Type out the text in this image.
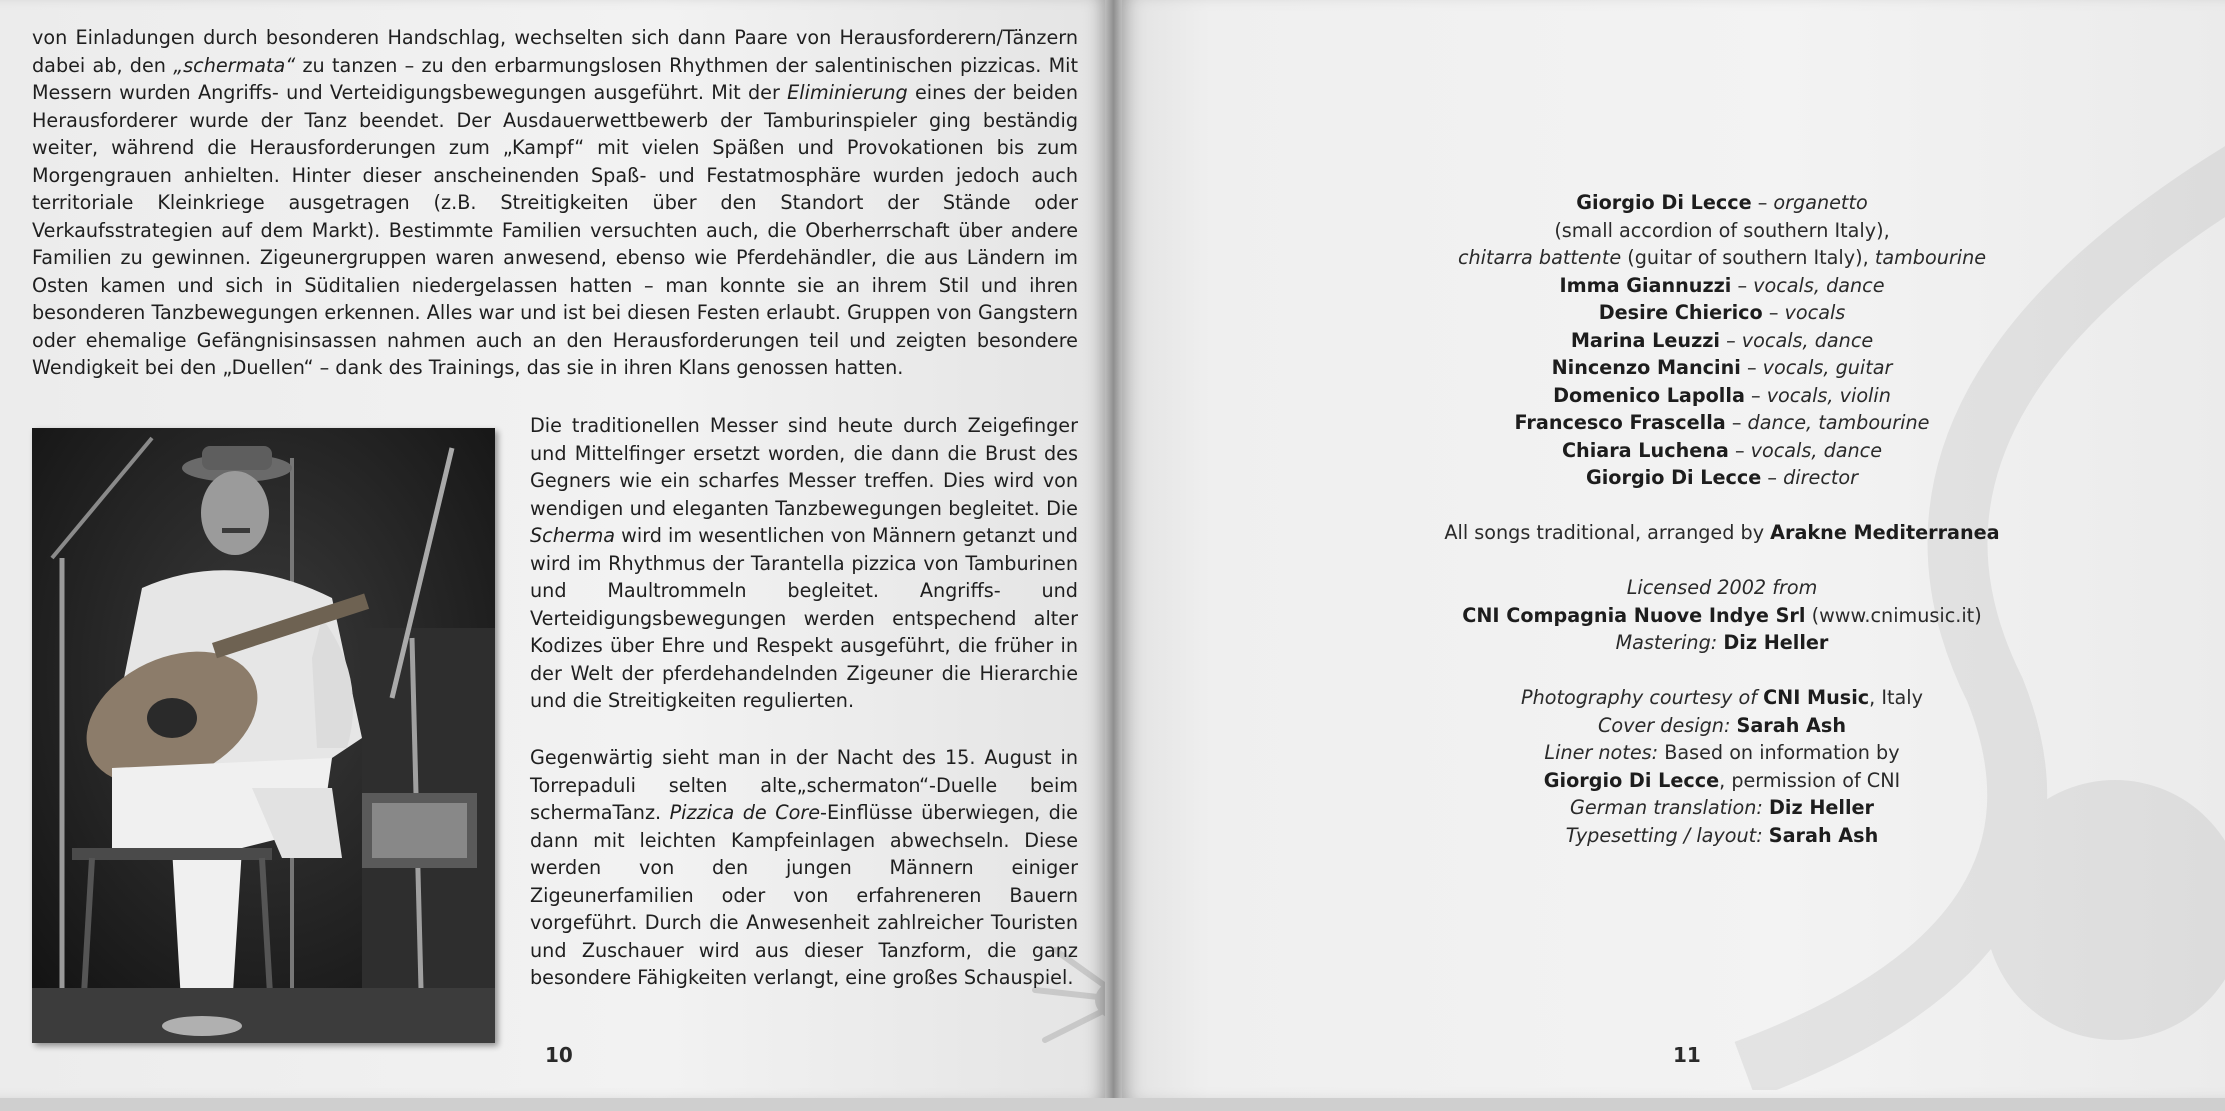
von Einladungen durch besonderen Handschlag, wechselten sich dann Paare von Herausforderern/Tänzern dabei ab, den „schermata“ zu tanzen – zu den erbarmungslosen Rhythmen der salentinischen pizzicas. Mit Messern wurden Angriffs- und Verteidigungsbewegungen ausgeführt. Mit der Eliminierung eines der beiden Herausforderer wurde der Tanz beendet. Der Ausdauerwettbewerb der Tamburinspieler ging beständig weiter, während die Herausforderungen zum „Kampf“ mit vielen Späßen und Provokationen bis zum Morgengrauen anhielten. Hinter dieser anscheinenden Spaß- und Festatmosphäre wurden jedoch auch territoriale Kleinkriege ausgetragen (z.B. Streitigkeiten über den Standort der Stände oder Verkaufsstrategien auf dem Markt). Bestimmte Familien versuchten auch, die Oberherrschaft über andere Familien zu gewinnen. Zigeunergruppen waren anwesend, ebenso wie Pferdehändler, die aus Ländern im Osten kamen und sich in Süditalien niedergelassen hatten – man konnte sie an ihrem Stil und ihren besonderen Tanzbewegungen erkennen. Alles war und ist bei diesen Festen erlaubt. Gruppen von Gangstern oder ehemalige Gefängnisinsassen nahmen auch an den Herausforderungen teil und zeigten besondere Wendigkeit bei den „Duellen“ – dank des Trainings, das sie in ihren Klans genossen hatten.

Die traditionellen Messer sind heute durch Zeigefinger und Mittelfinger ersetzt worden, die dann die Brust des Gegners wie ein scharfes Messer treffen. Dies wird von wendigen und eleganten Tanzbewegungen begleitet. Die Scherma wird im wesentlichen von Männern getanzt und wird im Rhythmus der Tarantella pizzica von Tamburinen und Maultrommeln begleitet. Angriffs- und Verteidigungsbewegungen werden entspechend alter Kodizes über Ehre und Respekt ausgeführt, die früher in der Welt der pferdehandelnden Zigeuner die Hierarchie und die Streitigkeiten regulierten.

Gegenwärtig sieht man in der Nacht des 15. August in Torrepaduli selten alte„schermaton“-Duelle beim schermaTanz. Pizzica de Core-Einflüsse überwiegen, die dann mit leichten Kampfeinlagen abwechseln. Diese werden von den jungen Männern einiger Zigeunerfamilien oder von erfahreneren Bauern vorgeführt. Durch die Anwesenheit zahlreicher Touristen und Zuschauer wird aus dieser Tanzform, die ganz besondere Fähigkeiten verlangt, eine großes Schauspiel.

10
Giorgio Di Lecce – organetto
(small accordion of southern Italy),
chitarra battente (guitar of southern Italy), tambourine
Imma Giannuzzi – vocals, dance
Desire Chierico – vocals
Marina Leuzzi – vocals, dance
Nincenzo Mancini – vocals, guitar
Domenico Lapolla – vocals, violin
Francesco Frascella – dance, tambourine
Chiara Luchena – vocals, dance
Giorgio Di Lecce – director
All songs traditional, arranged by Arakne Mediterranea
Licensed 2002 from
CNI Compagnia Nuove Indye Srl (www.cnimusic.it)
Mastering: Diz Heller
Photography courtesy of CNI Music, Italy
Cover design: Sarah Ash
Liner notes: Based on information by
Giorgio Di Lecce, permission of CNI
German translation: Diz Heller
Typesetting / layout: Sarah Ash
11
